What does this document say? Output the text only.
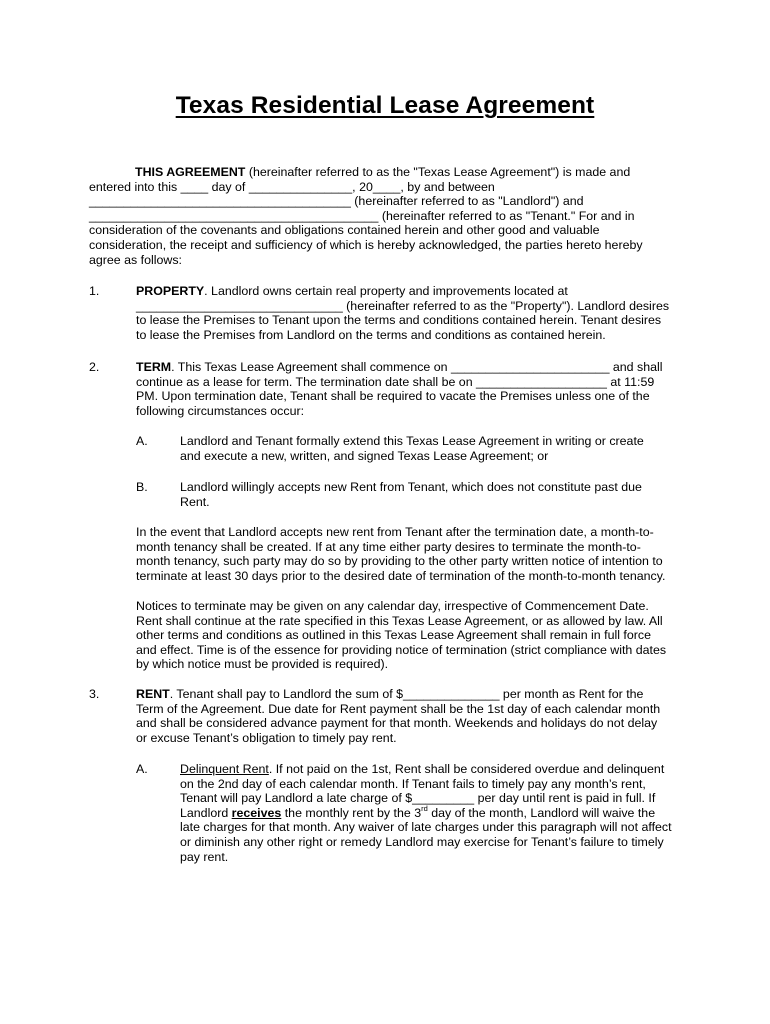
Texas Residential Lease Agreement
THIS AGREEMENT (hereinafter referred to as the "Texas Lease Agreement") is made and
entered into this ____ day of _______________, 20____, by and between
______________________________________ (hereinafter referred to as "Landlord") and
__________________________________________ (hereinafter referred to as "Tenant." For and in
consideration of the covenants and obligations contained herein and other good and valuable
consideration, the receipt and sufficiency of which is hereby acknowledged, the parties hereto hereby
agree as follows:
1.	PROPERTY. Landlord owns certain real property and improvements located at
______________________________ (hereinafter referred to as the "Property"). Landlord desires
to lease the Premises to Tenant upon the terms and conditions contained herein. Tenant desires
to lease the Premises from Landlord on the terms and conditions as contained herein.
2.	TERM. This Texas Lease Agreement shall commence on _______________________ and shall
continue as a lease for term. The termination date shall be on ___________________ at 11:59
PM. Upon termination date, Tenant shall be required to vacate the Premises unless one of the
following circumstances occur:
A.	Landlord and Tenant formally extend this Texas Lease Agreement in writing or create
and execute a new, written, and signed Texas Lease Agreement; or
B.	Landlord willingly accepts new Rent from Tenant, which does not constitute past due
Rent.
In the event that Landlord accepts new rent from Tenant after the termination date, a month-to-
month tenancy shall be created. If at any time either party desires to terminate the month-to-
month tenancy, such party may do so by providing to the other party written notice of intention to
terminate at least 30 days prior to the desired date of termination of the month-to-month tenancy.
Notices to terminate may be given on any calendar day, irrespective of Commencement Date.
Rent shall continue at the rate specified in this Texas Lease Agreement, or as allowed by law. All
other terms and conditions as outlined in this Texas Lease Agreement shall remain in full force
and effect. Time is of the essence for providing notice of termination (strict compliance with dates
by which notice must be provided is required).
3.	RENT. Tenant shall pay to Landlord the sum of $______________ per month as Rent for the
Term of the Agreement. Due date for Rent payment shall be the 1st day of each calendar month
and shall be considered advance payment for that month. Weekends and holidays do not delay
or excuse Tenant’s obligation to timely pay rent.
A.	Delinquent Rent. If not paid on the 1st, Rent shall be considered overdue and delinquent
on the 2nd day of each calendar month. If Tenant fails to timely pay any month’s rent,
Tenant will pay Landlord a late charge of $_________ per day until rent is paid in full. If
Landlord receives the monthly rent by the 3rd day of the month, Landlord will waive the
late charges for that month. Any waiver of late charges under this paragraph will not affect
or diminish any other right or remedy Landlord may exercise for Tenant’s failure to timely
pay rent.
